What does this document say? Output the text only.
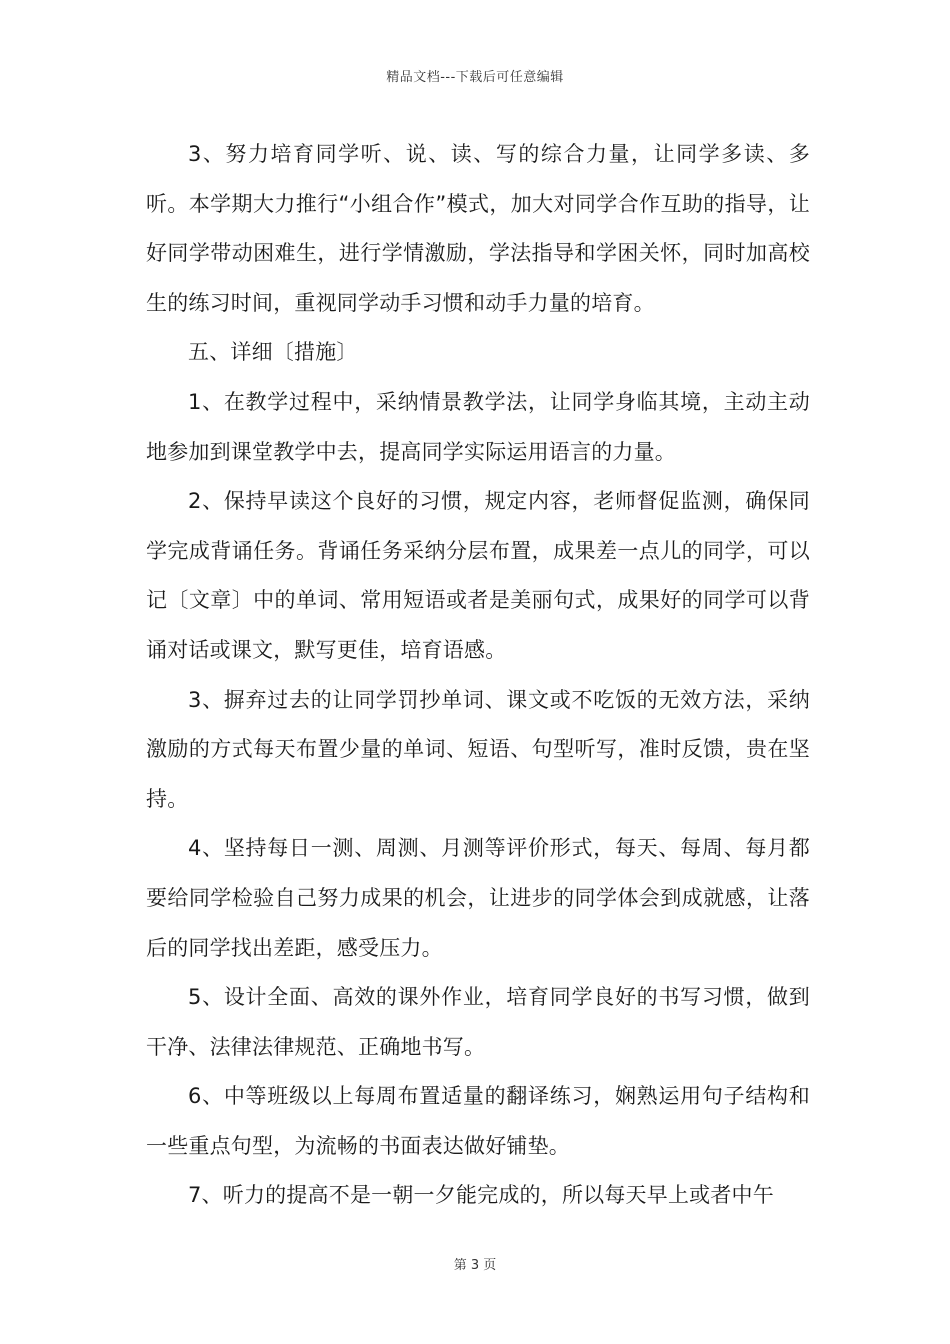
精品文档---下载后可任意编辑

3、努力培育同学听、说、读、写的综合力量，让同学多读、多听。本学期大力推行“小组合作”模式，加大对同学合作互助的指导，让好同学带动困难生，进行学情激励，学法指导和学困关怀，同时加高校生的练习时间，重视同学动手习惯和动手力量的培育。

五、详细〔措施〕

1、在教学过程中，采纳情景教学法，让同学身临其境，主动主动地参加到课堂教学中去，提高同学实际运用语言的力量。

2、保持早读这个良好的习惯，规定内容，老师督促监测，确保同学完成背诵任务。背诵任务采纳分层布置，成果差一点儿的同学，可以记〔文章〕中的单词、常用短语或者是美丽句式，成果好的同学可以背诵对话或课文，默写更佳，培育语感。

3、摒弃过去的让同学罚抄单词、课文或不吃饭的无效方法，采纳激励的方式每天布置少量的单词、短语、句型听写，准时反馈，贵在坚持。

4、坚持每日一测、周测、月测等评价形式，每天、每周、每月都要给同学检验自己努力成果的机会，让进步的同学体会到成就感，让落后的同学找出差距，感受压力。

5、设计全面、高效的课外作业，培育同学良好的书写习惯，做到干净、法律法律规范、正确地书写。

6、中等班级以上每周布置适量的翻译练习，娴熟运用句子结构和一些重点句型，为流畅的书面表达做好铺垫。

7、听力的提高不是一朝一夕能完成的，所以每天早上或者中午

第 3 页
